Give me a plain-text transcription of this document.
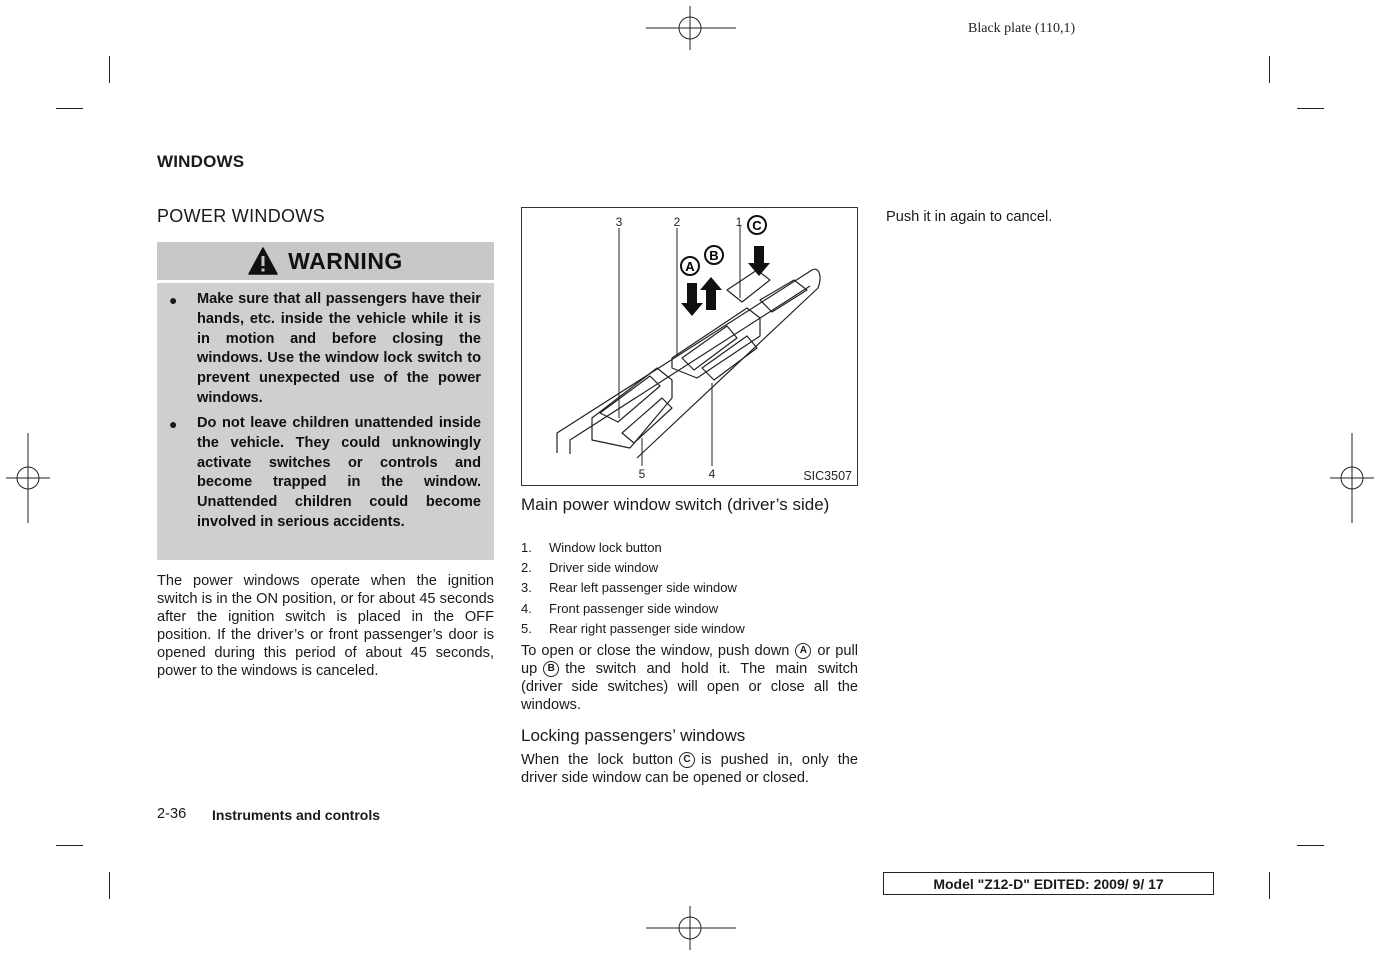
Black plate (110,1)
WINDOWS
POWER WINDOWS
WARNING
● Make sure that all passengers have their hands, etc. inside the vehicle while it is in motion and before closing the windows. Use the window lock switch to prevent unexpected use of the power windows.
● Do not leave children unattended inside the vehicle. They could unknowingly activate switches or controls and become trapped in the window. Unattended children could become involved in serious accidents.
The power windows operate when the ignition switch is in the ON position, or for about 45 seconds after the ignition switch is placed in the OFF position. If the driver’s or front passenger’s door is opened during this period of about 45 seconds, power to the windows is canceled.
A
B
C
3	2	1
4
5	SIC3507
Main power window switch (driver’s side)
1.	Window lock button
2.	Driver side window
3.	Rear left passenger side window
4.	Front passenger side window
5.	Rear right passenger side window
To open or close the window, push down A or pull up B the switch and hold it. The main switch (driver side switches) will open or close all the windows.
Locking passengers’ windows
When the lock button C is pushed in, only the driver side window can be opened or closed.
Push it in again to cancel.
2-36 Instruments and controls
Model "Z12-D" EDITED: 2009/ 9/ 17
